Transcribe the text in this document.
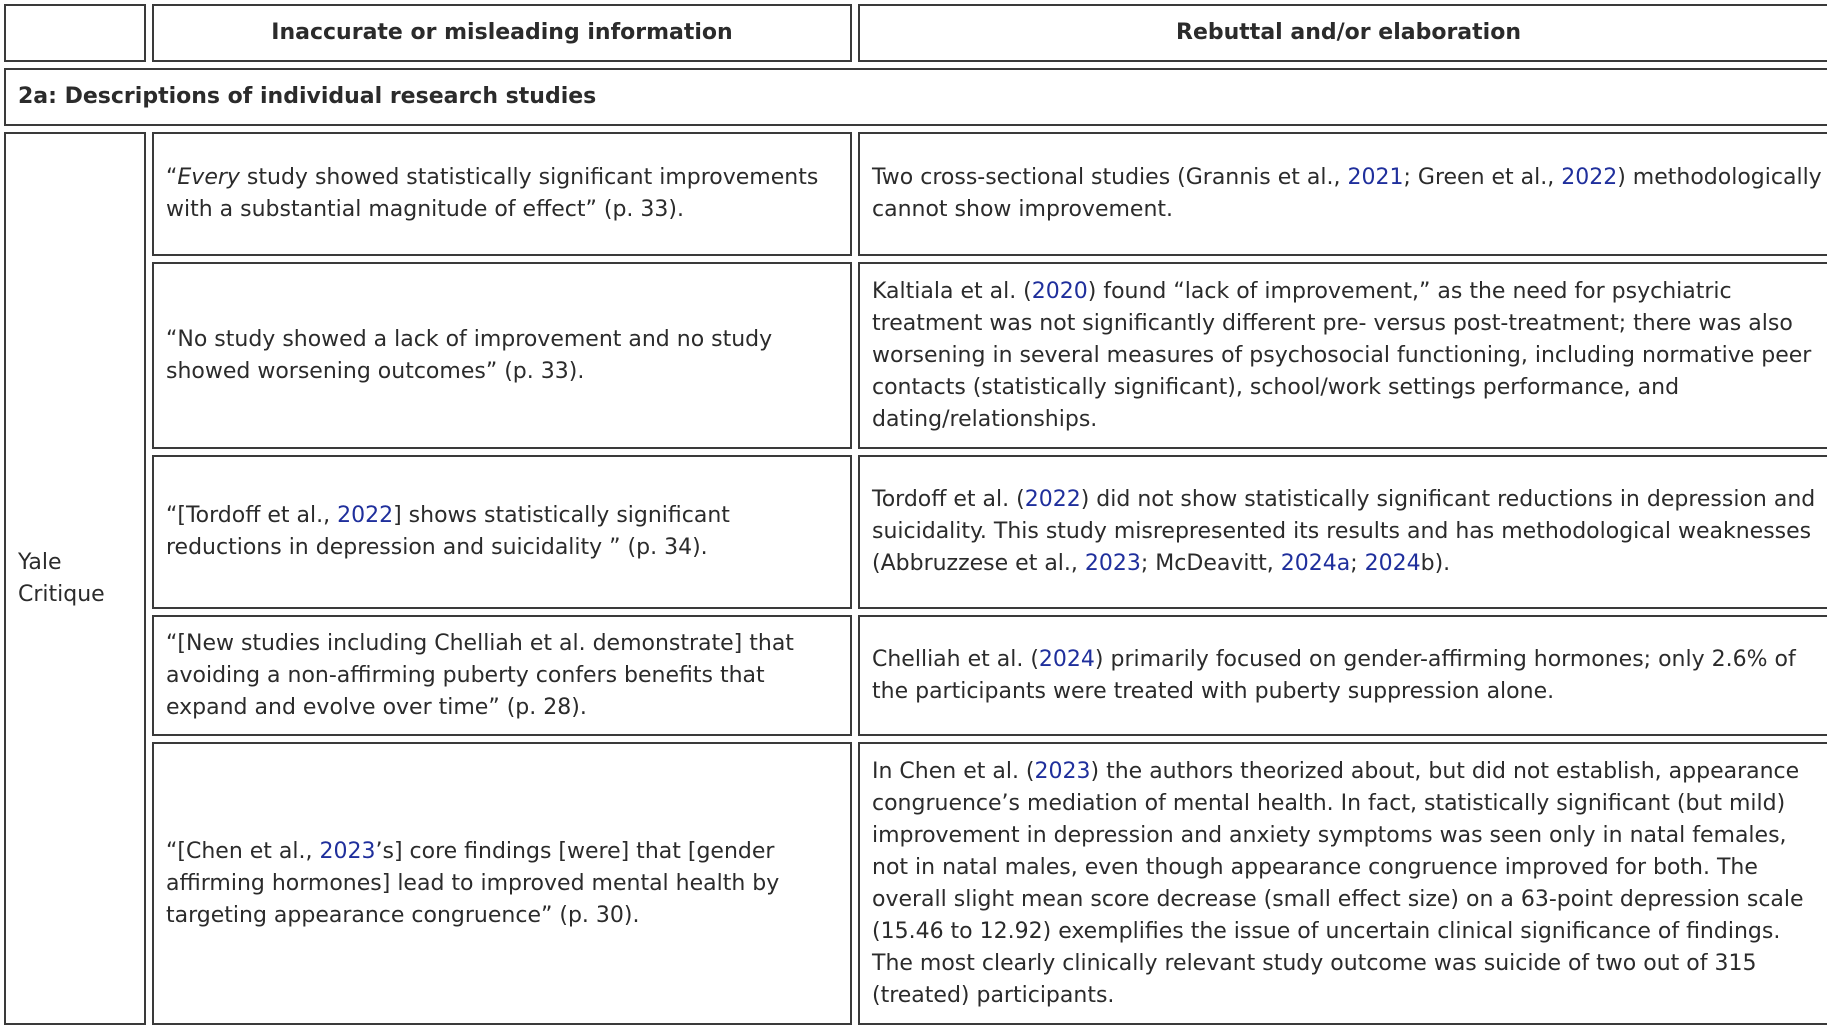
	Inaccurate or misleading information	Rebuttal and/or elaboration
2a: Descriptions of individual research studies		
Yale Critique	“Every study showed statistically significant improvements with a substantial magnitude of effect” (p. 33).	Two cross-sectional studies (Grannis et al., 2021; Green et al., 2022) methodologically cannot show improvement.
	“No study showed a lack of improvement and no study showed worsening outcomes” (p. 33).	Kaltiala et al. (2020) found “lack of improvement,” as the need for psychiatric treatment was not significantly different pre- versus post-treatment; there was also worsening in several measures of psychosocial functioning, including normative peer contacts (statistically significant), school/work settings performance, and dating/relationships.
	“[Tordoff et al., 2022] shows statistically significant reductions in depression and suicidality ” (p. 34).	Tordoff et al. (2022) did not show statistically significant reductions in depression and suicidality. This study misrepresented its results and has methodological weaknesses (Abbruzzese et al., 2023; McDeavitt, 2024a; 2024b).
	“[New studies including Chelliah et al. demonstrate] that avoiding a non-affirming puberty confers benefits that expand and evolve over time” (p. 28).	Chelliah et al. (2024) primarily focused on gender-affirming hormones; only 2.6% of the participants were treated with puberty suppression alone.
	“[Chen et al., 2023’s] core findings [were] that [gender affirming hormones] lead to improved mental health by targeting appearance congruence” (p. 30).	In Chen et al. (2023) the authors theorized about, but did not establish, appearance congruence’s mediation of mental health. In fact, statistically significant (but mild) improvement in depression and anxiety symptoms was seen only in natal females, not in natal males, even though appearance congruence improved for both. The overall slight mean score decrease (small effect size) on a 63-point depression scale (15.46 to 12.92) exemplifies the issue of uncertain clinical significance of findings. The most clearly clinically relevant study outcome was suicide of two out of 315 (treated) participants.
